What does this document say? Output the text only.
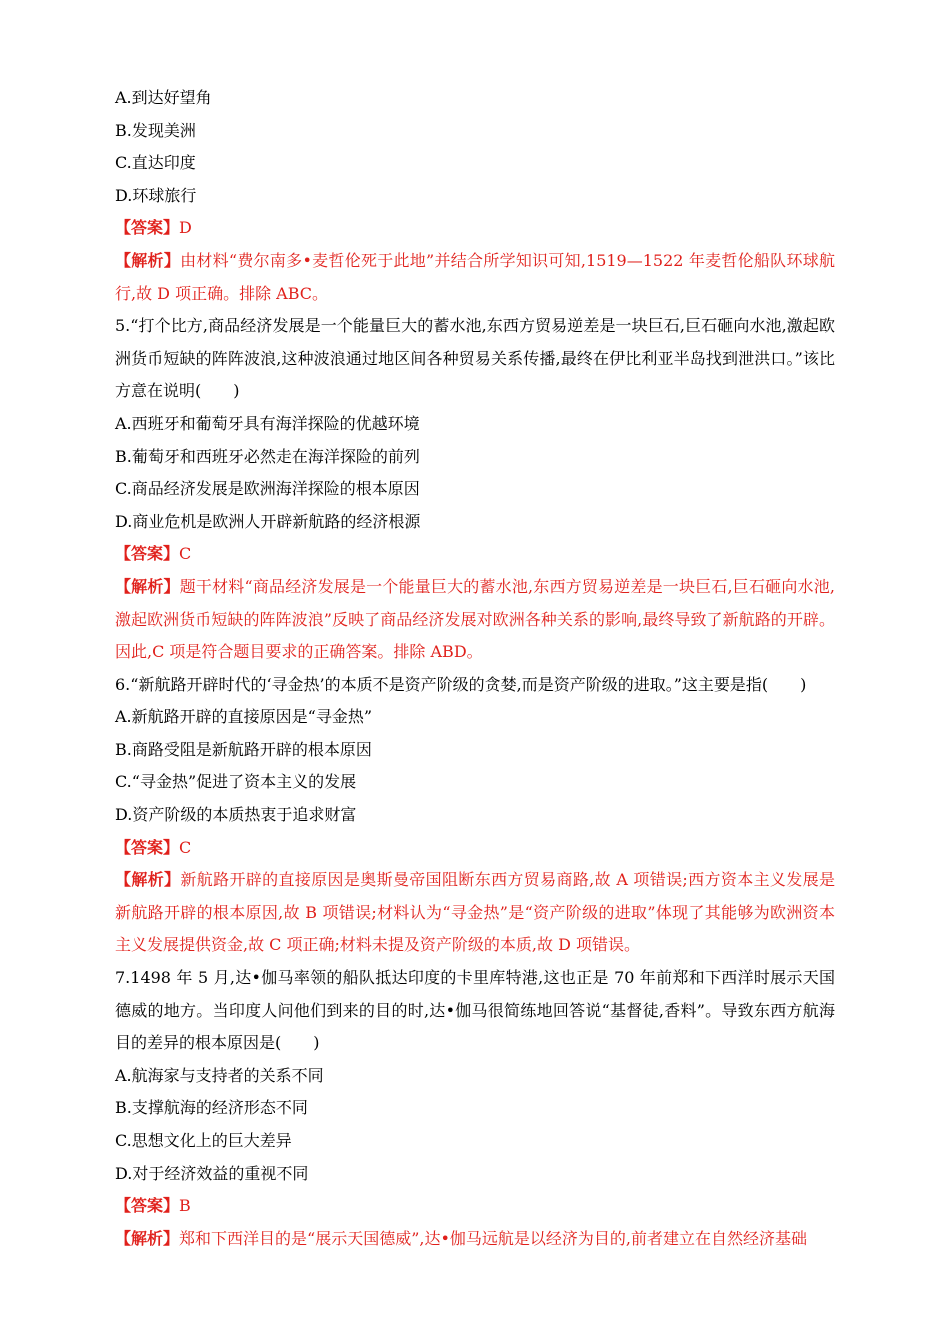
A.到达好望角
B.发现美洲
C.直达印度
D.环球旅行
【答案】D
【解析】由材料“费尔南多•麦哲伦死于此地”并结合所学知识可知,1519—1522 年麦哲伦船队环球航行,故 D 项正确。排除 ABC。
5.“打个比方,商品经济发展是一个能量巨大的蓄水池,东西方贸易逆差是一块巨石,巨石砸向水池,激起欧洲货币短缺的阵阵波浪,这种波浪通过地区间各种贸易关系传播,最终在伊比利亚半岛找到泄洪口。”该比方意在说明(　　)
A.西班牙和葡萄牙具有海洋探险的优越环境
B.葡萄牙和西班牙必然走在海洋探险的前列
C.商品经济发展是欧洲海洋探险的根本原因
D.商业危机是欧洲人开辟新航路的经济根源
【答案】C
【解析】题干材料“商品经济发展是一个能量巨大的蓄水池,东西方贸易逆差是一块巨石,巨石砸向水池,激起欧洲货币短缺的阵阵波浪”反映了商品经济发展对欧洲各种关系的影响,最终导致了新航路的开辟。因此,C 项是符合题目要求的正确答案。排除 ABD。
6.“新航路开辟时代的‘寻金热’的本质不是资产阶级的贪婪,而是资产阶级的进取。”这主要是指(　　)
A.新航路开辟的直接原因是“寻金热”
B.商路受阻是新航路开辟的根本原因
C.“寻金热”促进了资本主义的发展
D.资产阶级的本质热衷于追求财富
【答案】C
【解析】新航路开辟的直接原因是奥斯曼帝国阻断东西方贸易商路,故 A 项错误;西方资本主义发展是新航路开辟的根本原因,故 B 项错误;材料认为“寻金热”是“资产阶级的进取”体现了其能够为欧洲资本主义发展提供资金,故 C 项正确;材料未提及资产阶级的本质,故 D 项错误。
7.1498 年 5 月,达•伽马率领的船队抵达印度的卡里库特港,这也正是 70 年前郑和下西洋时展示天国德威的地方。当印度人问他们到来的目的时,达•伽马很简练地回答说“基督徒,香料”。导致东西方航海目的差异的根本原因是(　　)
A.航海家与支持者的关系不同
B.支撑航海的经济形态不同
C.思想文化上的巨大差异
D.对于经济效益的重视不同
【答案】B
【解析】郑和下西洋目的是“展示天国德威”,达•伽马远航是以经济为目的,前者建立在自然经济基础
